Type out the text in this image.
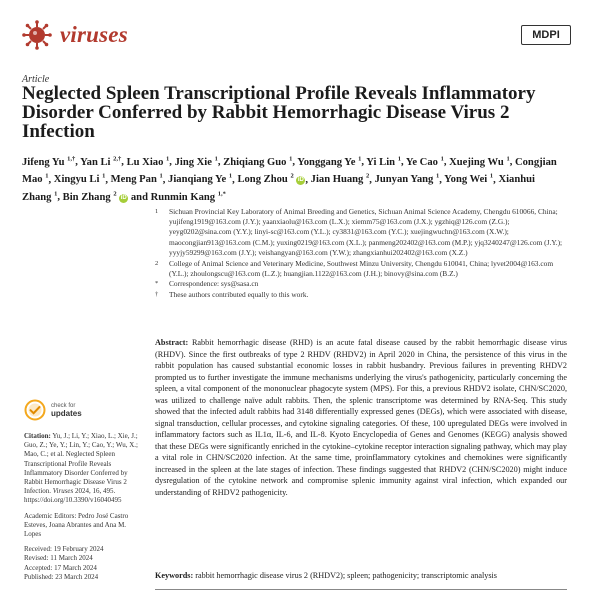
viruses	MDPI
Article
Neglected Spleen Transcriptional Profile Reveals Inflammatory Disorder Conferred by Rabbit Hemorrhagic Disease Virus 2 Infection
Jifeng Yu $^{1,\dagger}$, Yan Li $^{2,\dagger}$, Lu Xiao $^1$, Jing Xie $^1$, Zhiqiang Guo $^1$, Yonggang Ye $^1$, Yi Lin $^1$, Ye Cao $^1$, Xuejing Wu $^1$, Congjian Mao $^1$, Xingyu Li $^1$, Meng Pan $^1$, Jianqiang Ye $^1$, Long Zhou $^2$ iD , Jian Huang $^2$, Junyan Yang $^1$, Yong Wei $^1$, Xianhui Zhang $^1$, Bin Zhang $^2$ iD and Runmin Kang $^{1,*}$
1	Sichuan Provincial Key Laboratory of Animal Breeding and Genetics, Sichuan Animal Science Academy, Chengdu 610066, China; yujifeng1919@163.com (J.Y.); yaanxiaolu@163.com (L.X.); xiemm75@163.com (J.X.); ygzhiq@126.com (Z.G.); yeyg0202@sina.com (Y.Y.); linyi-sc@163.com (Y.L.); cy3831@163.com (Y.C.); xuejingwuchn@163.com (X.W.); maocongjian913@163.com (C.M.); yuxing0219@163.com (X.L.); panmeng202402@163.com (M.P.); yjq3240247@126.com (J.Y.); yyyjy59299@163.com (J.Y.); veishangyan@163.com (Y.W.); zhangxianhui202402@163.com (X.Z.)
2	College of Animal Science and Veterinary Medicine, Southwest Minzu University, Chengdu 610041, China; lyvet2004@163.com (Y.L.); zhoulongscu@163.com (L.Z.); huangjian.1122@163.com (J.H.); binovy@sina.com (B.Z.)
*	Correspondence: sys@sasa.cn
†	These authors contributed equally to this work.
Abstract: Rabbit hemorrhagic disease (RHD) is an acute fatal disease caused by the rabbit hemorrhagic disease virus (RHDV). Since the first outbreaks of type 2 RHDV (RHDV2) in April 2020 in China, the persistence of this virus in the rabbit population has caused substantial economic losses in rabbit husbandry. Previous failures in preventing RHDV2 prompted us to further investigate the immune mechanisms underlying the virus's pathogenicity, particularly concerning the spleen, a vital component of the mononuclear phagocyte system (MPS). For this, a previous RHDV2 isolate, CHN/SC2020, was utilized to challenge naïve adult rabbits. Then, the splenic transcriptome was determined by RNA-Seq. This study showed that the infected adult rabbits had 3148 differentially expressed genes (DEGs), which were associated with disease, signal transduction, cellular processes, and cytokine signaling categories. Of these, 100 upregulated DEGs were involved in inflammatory factors such as IL1α, IL-6, and IL-8. Kyoto Encyclopedia of Genes and Genomes (KEGG) analysis showed that these DEGs were significantly enriched in the cytokine–cytokine receptor interaction signaling pathway, which may play a vital role in CHN/SC2020 infection. At the same time, proinflammatory cytokines and chemokines were significantly increased in the spleen at the late stages of infection. These findings suggested that RHDV2 (CHN/SC2020) might induce dysregulation of the cytokine network and compromise splenic immunity against viral infection, which expanded our understanding of RHDV2 pathogenicity.
Keywords: rabbit hemorrhagic disease virus 2 (RHDV2); spleen; pathogenicity; transcriptomic analysis
check for
updates

Citation: Yu, J.; Li, Y.; Xiao, L.; Xie, J.; Guo, Z.; Ye, Y.; Lin, Y.; Cao, Y.; Wu, X.; Mao, C.; et al. Neglected Spleen Transcriptional Profile Reveals Inflammatory Disorder Conferred by Rabbit Hemorrhagic Disease Virus 2 Infection. Viruses 2024, 16, 495. https://doi.org/10.3390/v16040495

Academic Editors: Pedro José Castro Esteves, Joana Abrantes and Ana M. Lopes

Received: 19 February 2024

Revised: 11 March 2024

Accepted: 17 March 2024

Published: 23 March 2024
